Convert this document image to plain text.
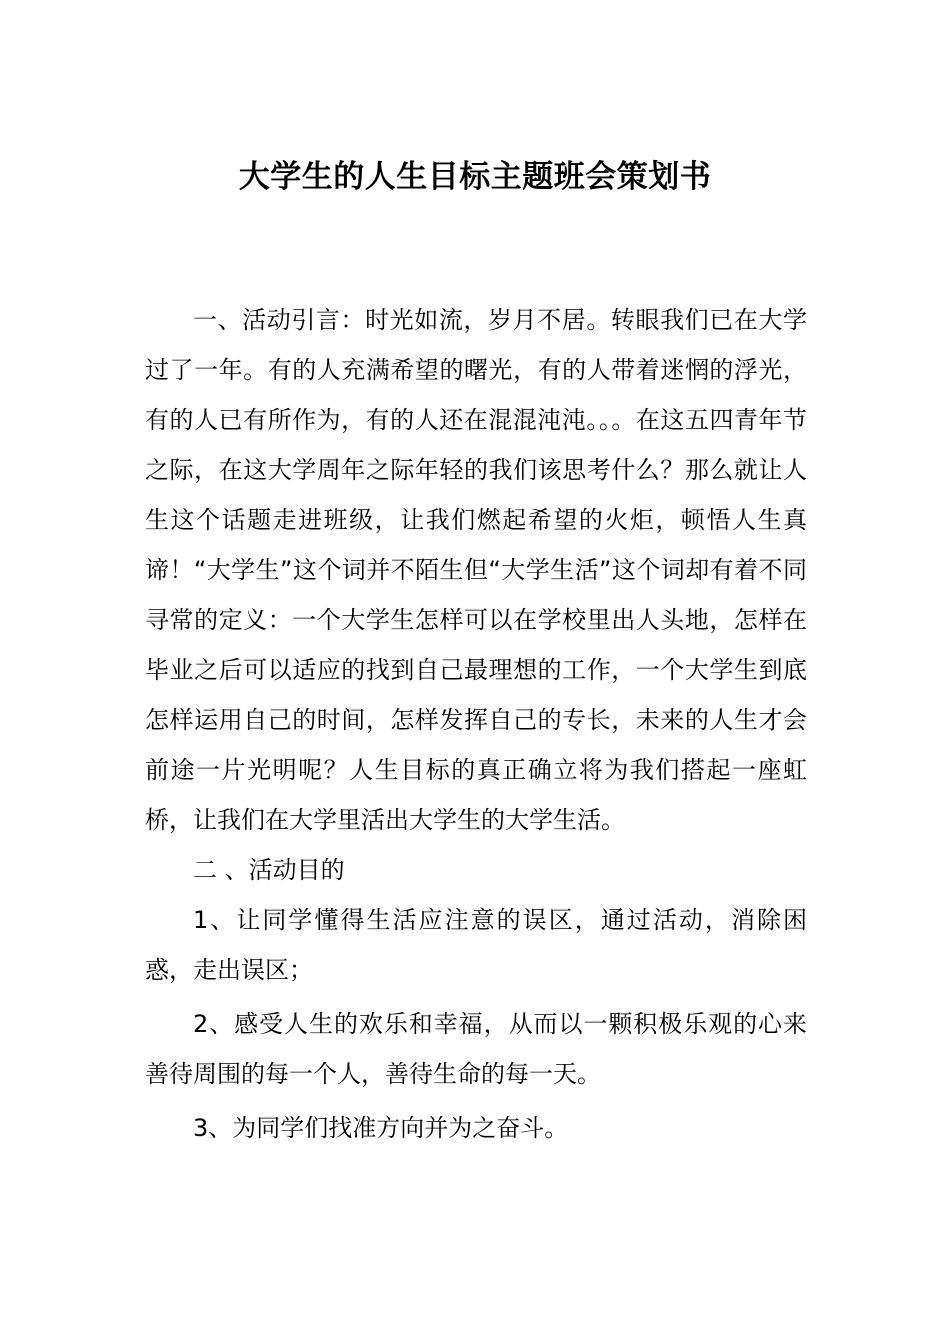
大学生的人生目标主题班会策划书

一、活动引言：时光如流，岁月不居。转眼我们已在大学过了一年。有的人充满希望的曙光，有的人带着迷惘的浮光，有的人已有所作为，有的人还在混混沌沌。。。在这五四青年节之际，在这大学周年之际年轻的我们该思考什么？那么就让人生这个话题走进班级，让我们燃起希望的火炬，顿悟人生真谛！“大学生”这个词并不陌生但“大学生活”这个词却有着不同寻常的定义：一个大学生怎样可以在学校里出人头地，怎样在毕业之后可以适应的找到自己最理想的工作，一个大学生到底怎样运用自己的时间，怎样发挥自己的专长，未来的人生才会前途一片光明呢？人生目标的真正确立将为我们搭起一座虹桥，让我们在大学里活出大学生的大学生活。

二 、活动目的

1、让同学懂得生活应注意的误区，通过活动，消除困惑，走出误区；

2、感受人生的欢乐和幸福，从而以一颗积极乐观的心来善待周围的每一个人，善待生命的每一天。

3、为同学们找准方向并为之奋斗。
